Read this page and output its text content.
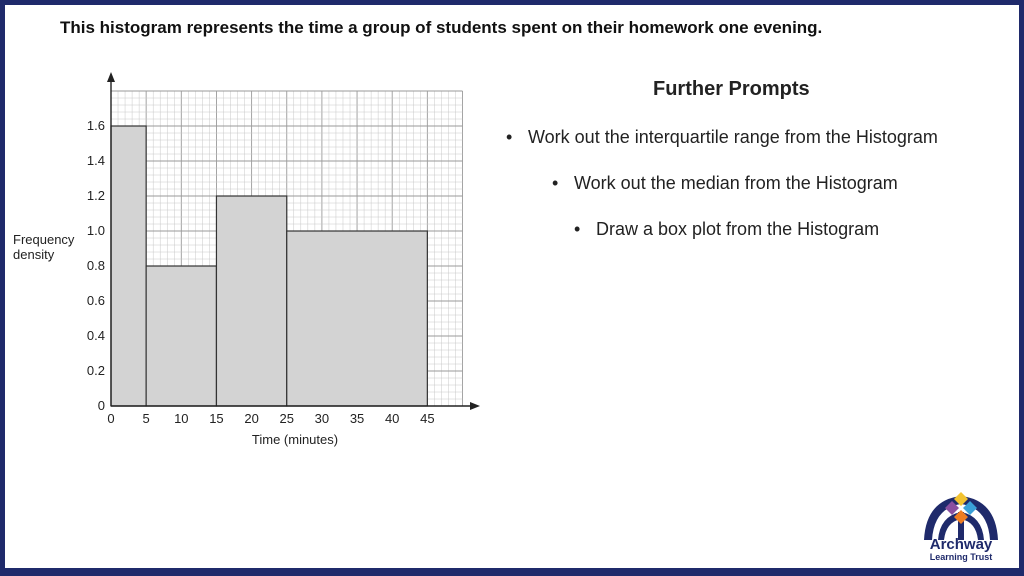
This histogram represents the time a group of students spent on their homework one evening.
0 5 10 15 20 25 30 35 40 45
0
0.2
0.4
0.6
0.8
1.0
1.2
1.4
1.6
Frequency
density
Time (minutes)
Further Prompts
• Work out the interquartile range from the Histogram
• Work out the median from the Histogram
• Draw a box plot from the Histogram
Archway
Learning Trust
